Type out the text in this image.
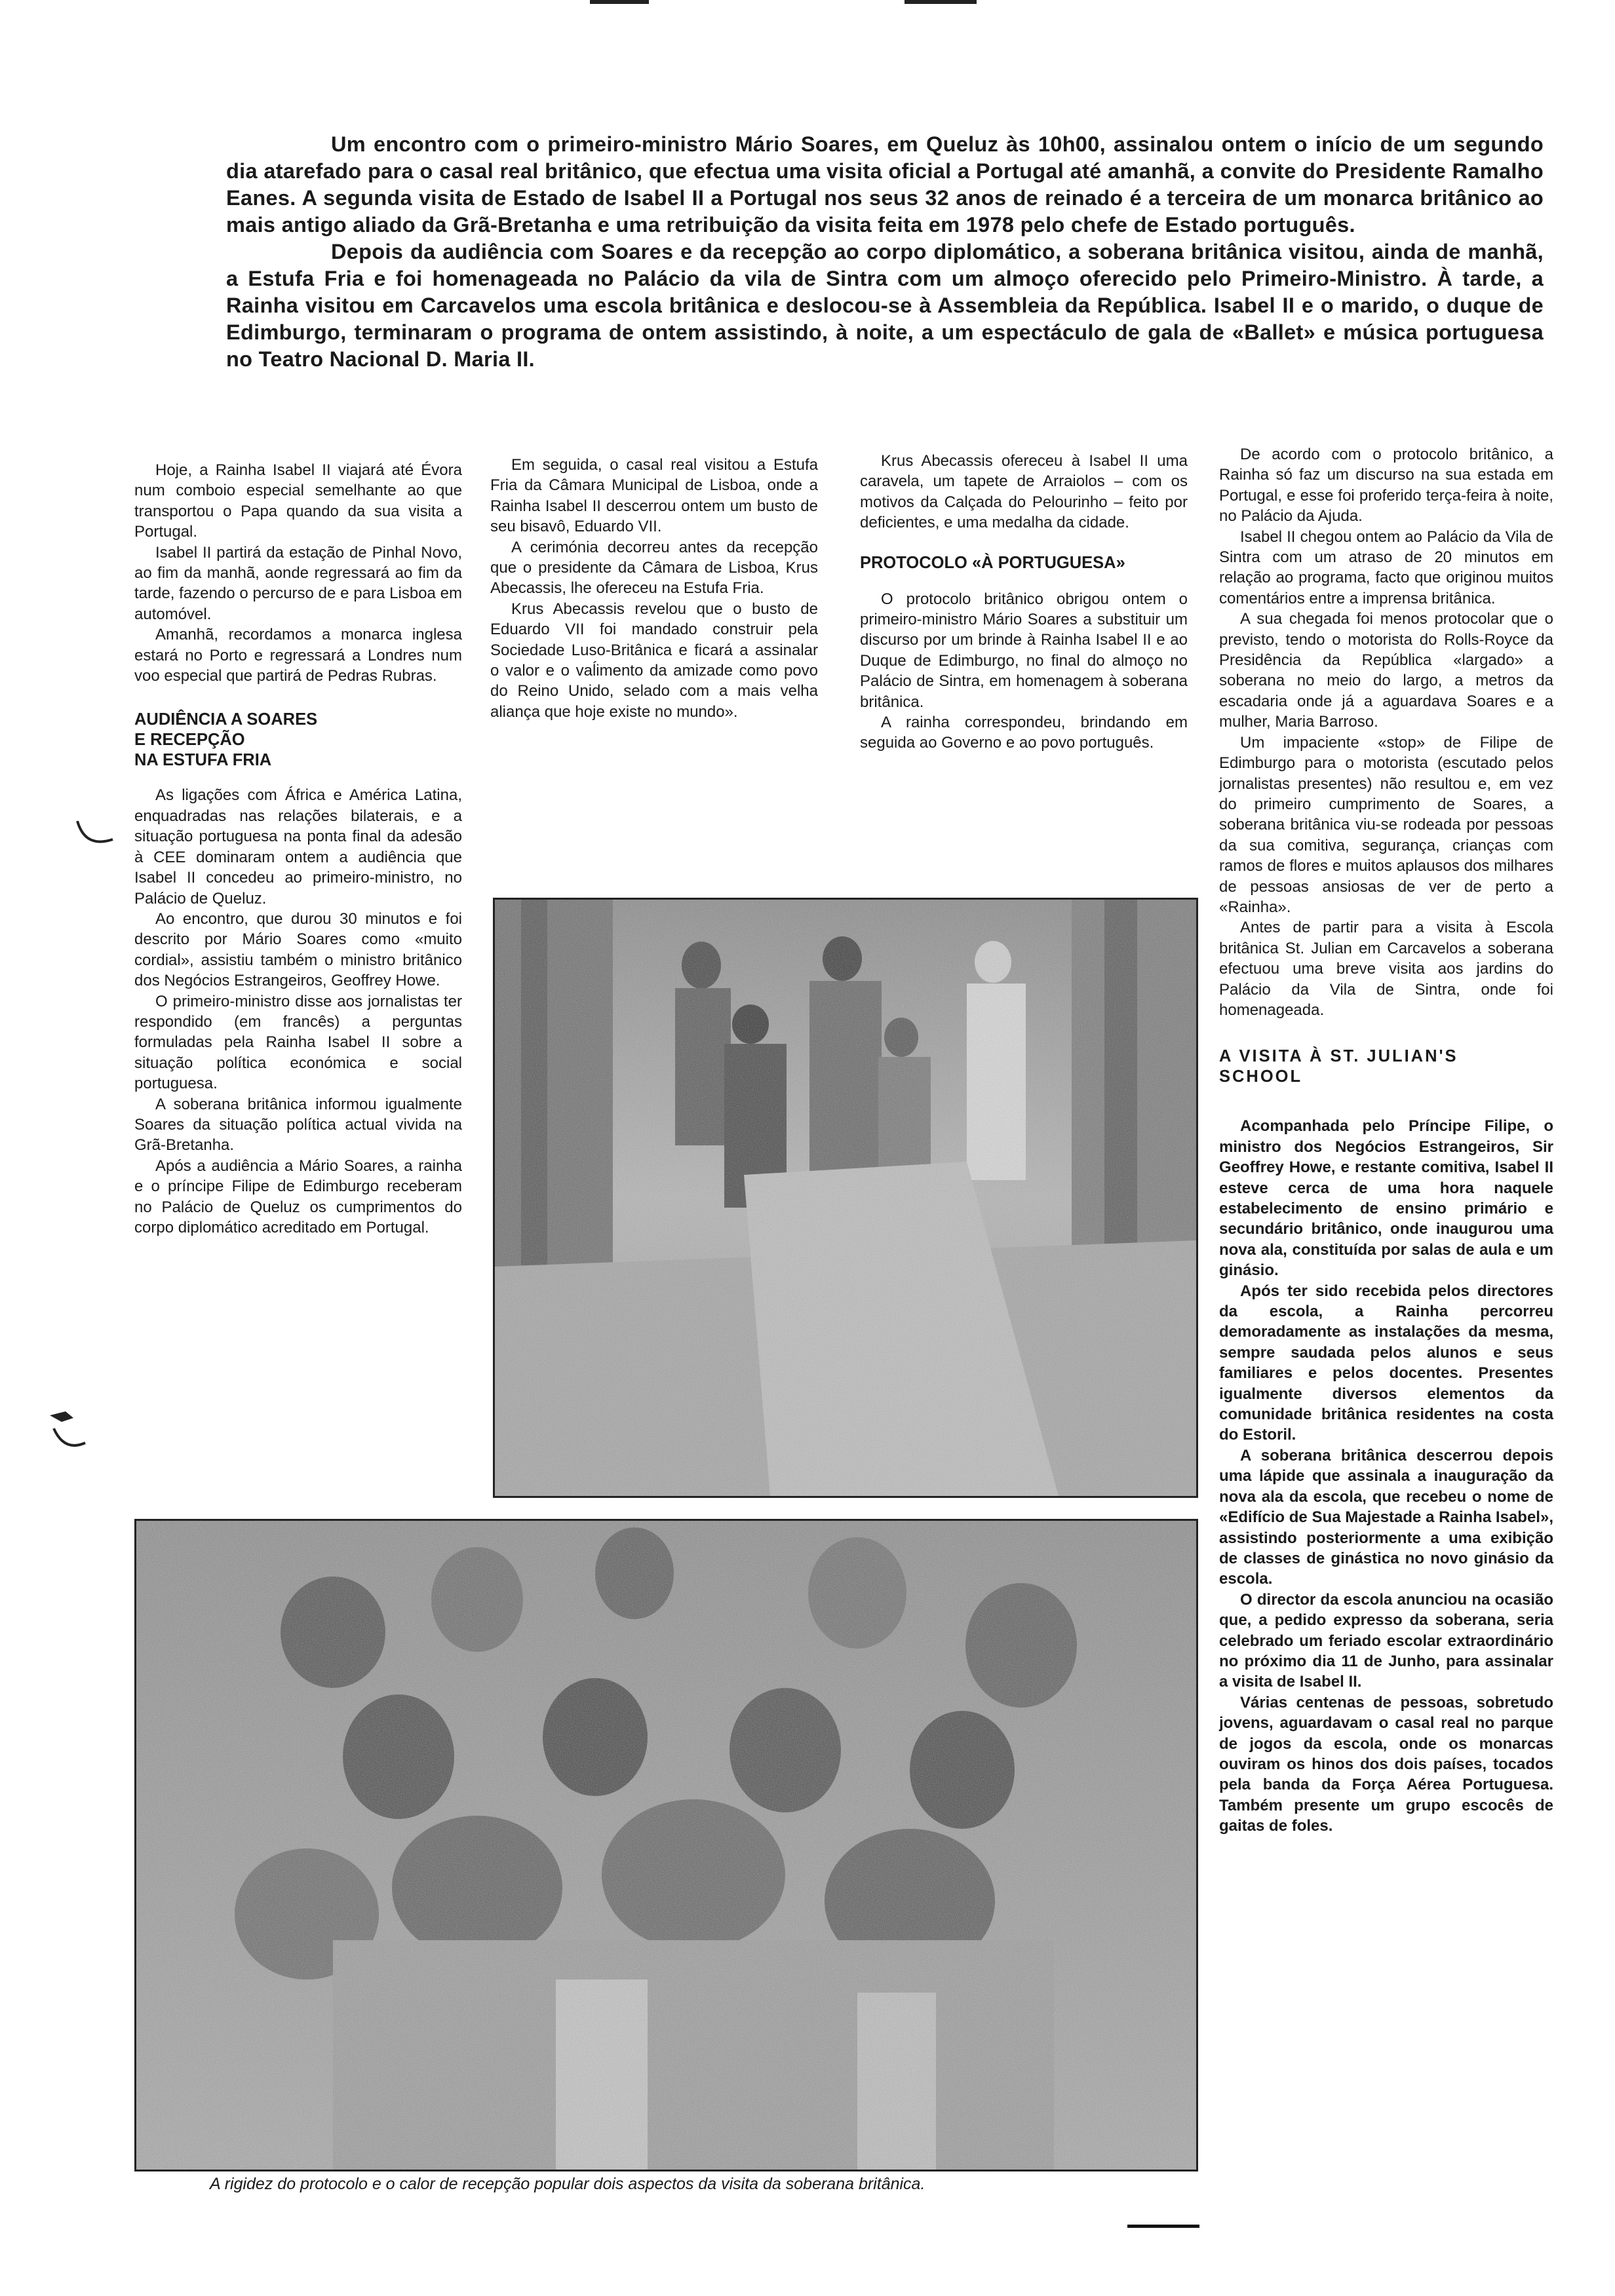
Um encontro com o primeiro-ministro Mário Soares, em Queluz às 10h00, assinalou ontem o início de um segundo dia atarefado para o casal real britânico, que efectua uma visita oficial a Portugal até amanhã, a convite do Presidente Ramalho Eanes. A segunda visita de Estado de Isabel II a Portugal nos seus 32 anos de reinado é a terceira de um monarca britânico ao mais antigo aliado da Grã-Bretanha e uma retribuição da visita feita em 1978 pelo chefe de Estado português.

Depois da audiência com Soares e da recepção ao corpo diplomático, a soberana britânica visitou, ainda de manhã, a Estufa Fria e foi homenageada no Palácio da vila de Sintra com um almoço oferecido pelo Primeiro-Ministro. À tarde, a Rainha visitou em Carcavelos uma escola britânica e deslocou-se à Assembleia da República. Isabel II e o marido, o duque de Edimburgo, terminaram o programa de ontem assistindo, à noite, a um espectáculo de gala de «Ballet» e música portuguesa no Teatro Nacional D. Maria II.

Hoje, a Rainha Isabel II viajará até Évora num comboio especial semelhante ao que transportou o Papa quando da sua visita a Portugal.

Isabel II partirá da estação de Pinhal Novo, ao fim da manhã, aonde regressará ao fim da tarde, fazendo o percurso de e para Lisboa em automóvel.

Amanhã, recordamos a monarca inglesa estará no Porto e regressará a Londres num voo especial que partirá de Pedras Rubras.

AUDIÊNCIA A SOARES
E RECEPÇÃO
NA ESTUFA FRIA

As ligações com África e América Latina, enquadradas nas relações bilaterais, e a situação portuguesa na ponta final da adesão à CEE dominaram ontem a audiência que Isabel II concedeu ao primeiro-ministro, no Palácio de Queluz.

Ao encontro, que durou 30 minutos e foi descrito por Mário Soares como «muito cordial», assistiu também o ministro britânico dos Negócios Estrangeiros, Geoffrey Howe.

O primeiro-ministro disse aos jornalistas ter respondido (em francês) a perguntas formuladas pela Rainha Isabel II sobre a situação política económica e social portuguesa.

A soberana britânica informou igualmente Soares da situação política actual vivida na Grã-Bretanha.

Após a audiência a Mário Soares, a rainha e o príncipe Filipe de Edimburgo receberam no Palácio de Queluz os cumprimentos do corpo diplomático acreditado em Portugal.

Em seguida, o casal real visitou a Estufa Fria da Câmara Municipal de Lisboa, onde a Rainha Isabel II descerrou ontem um busto de seu bisavô, Eduardo VII.

A cerimónia decorreu antes da recepção que o presidente da Câmara de Lisboa, Krus Abecassis, lhe ofereceu na Estufa Fria.

Krus Abecassis revelou que o busto de Eduardo VII foi mandado construir pela Sociedade Luso-Britânica e ficará a assinalar o valor e o vaĺimento da amizade como povo do Reino Unido, selado com a mais velha aliança que hoje existe no mundo».

Krus Abecassis ofereceu à Isabel II uma caravela, um tapete de Arraiolos – com os motivos da Calçada do Pelourinho – feito por deficientes, e uma medalha da cidade.

PROTOCOLO «À PORTUGUESA»

O protocolo britânico obrigou ontem o primeiro-ministro Mário Soares a substituir um discurso por um brinde à Rainha Isabel II e ao Duque de Edimburgo, no final do almoço no Palácio de Sintra, em homenagem à soberana britânica.

A rainha correspondeu, brindando em seguida ao Governo e ao povo português.

De acordo com o protocolo britânico, a Rainha só faz um discurso na sua estada em Portugal, e esse foi proferido terça-feira à noite, no Palácio da Ajuda.

Isabel II chegou ontem ao Palácio da Vila de Sintra com um atraso de 20 minutos em relação ao programa, facto que originou muitos comentários entre a imprensa britânica.

A sua chegada foi menos protocolar que o previsto, tendo o motorista do Rolls-Royce da Presidência da República «largado» a soberana no meio do largo, a metros da escadaria onde já a aguardava Soares e a mulher, Maria Barroso.

Um impaciente «stop» de Filipe de Edimburgo para o motorista (escutado pelos jornalistas presentes) não resultou e, em vez do primeiro cumprimento de Soares, a soberana britânica viu-se rodeada por pessoas da sua comitiva, segurança, crianças com ramos de flores e muitos aplausos dos milhares de pessoas ansiosas de ver de perto a «Rainha».

Antes de partir para a visita à Escola britânica St. Julian em Carcavelos a soberana efectuou uma breve visita aos jardins do Palácio da Vila de Sintra, onde foi homenageada.

A VISITA À ST. JULIAN'S
SCHOOL

Acompanhada pelo Príncipe Filipe, o ministro dos Negócios Estrangeiros, Sir Geoffrey Howe, e restante comitiva, Isabel II esteve cerca de uma hora naquele estabelecimento de ensino primário e secundário britânico, onde inaugurou uma nova ala, constituída por salas de aula e um ginásio.

Após ter sido recebida pelos directores da escola, a Rainha percorreu demoradamente as instalações da mesma, sempre saudada pelos alunos e seus familiares e pelos docentes. Presentes igualmente diversos elementos da comunidade britânica residentes na costa do Estoril.

A soberana britânica descerrou depois uma lápide que assinala a inauguração da nova ala da escola, que recebeu o nome de «Edifício de Sua Majestade a Rainha Isabel», assistindo posteriormente a uma exibição de classes de ginástica no novo ginásio da escola.

O director da escola anunciou na ocasião que, a pedido expresso da soberana, seria celebrado um feriado escolar extraordinário no próximo dia 11 de Junho, para assinalar a visita de Isabel II.

Várias centenas de pessoas, sobretudo jovens, aguardavam o casal real no parque de jogos da escola, onde os monarcas ouviram os hinos dos dois países, tocados pela banda da Força Aérea Portuguesa. Também presente um grupo escocês de gaitas de foles.

A rigidez do protocolo e o calor de recepção popular dois aspectos da visita da soberana britânica.
